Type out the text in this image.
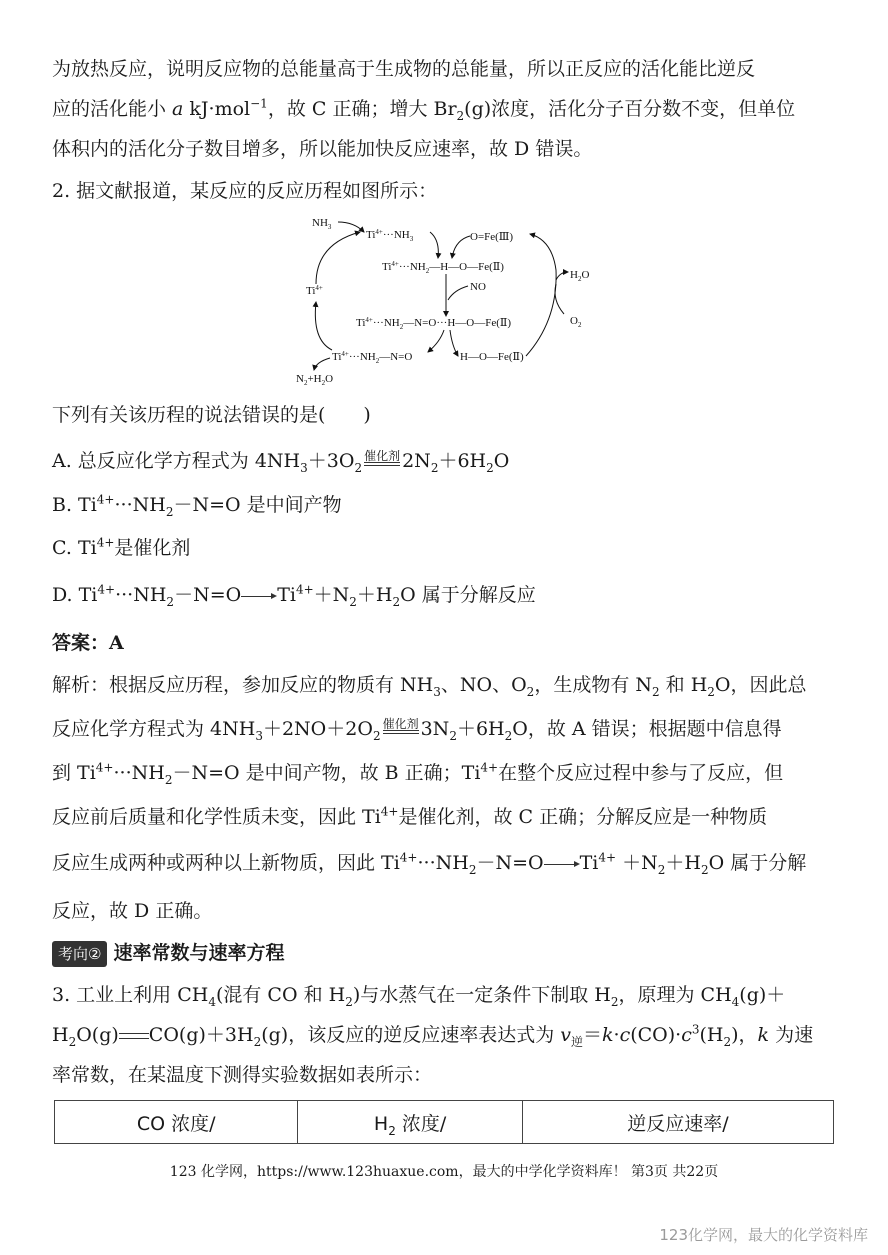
为放热反应，说明反应物的总能量高于生成物的总能量，所以正反应的活化能比逆反
应的活化能小 a kJ·mol$^{-1}$，故 C 正确；增大 $Br_2(g)$浓度，活化分子百分数不变，但单位
体积内的活化分子数目增多，所以能加快反应速率，故 D 错误。
2. 据文献报道，某反应的反应历程如图所示：
$NH_3$
$Ti^{4+}\cdot\cdot\cdot NH_3$	O=Fe(Ⅲ)
$Ti^{4+}\cdot\cdot\cdot NH_2—H—O—Fe(Ⅱ)$
NO
$H_2O$
$Ti^{4+}$
$O_2$
$Ti^{4+}\cdot\cdot\cdot NH_2—N=O\cdot\cdot\cdot H—O—Fe(Ⅱ)$
$Ti^{4+}\cdot\cdot\cdot NH_2—N=O$	H—O—Fe(Ⅱ)
$N_2+H_2O$
下列有关该历程的说法错误的是(　　)
A. 总反应化学方程式为 $4NH_3+3O_2$
催化剂 $2N_2+6H_2O$
B. $Ti^{4+}\cdot\cdot\cdot NH_2-N=O$ 是中间产物
C. $Ti^{4+}$是催化剂
D. $Ti^{4+}\cdot\cdot\cdot NH_2-N=O$ $Ti^{4+}+N_2+H_2O$ 属于分解反应
答案：A
解析：根据反应历程，参加反应的物质有 $NH_3$、NO、$O_2$，生成物有 $N_2$ 和 $H_2O$，因此总
反应化学方程式为 $4NH_3+2NO+2O_2$
催化剂 $3N_2+6H_2O$，故 A 错误；根据题中信息得
到 $Ti^{4+}\cdot\cdot\cdot NH_2-N=O$ 是中间产物，故 B 正确；$Ti^{4+}$在整个反应过程中参与了反应，但
反应前后质量和化学性质未变，因此 $Ti^{4+}$是催化剂，故 C 正确；分解反应是一种物质
反应生成两种或两种以上新物质，因此 $Ti^{4+}\cdot\cdot\cdot NH_2-N=O$ $Ti^{4+} +N_2+H_2O$ 属于分解
反应，故 D 正确。
考向② 速率常数与速率方程
3. 工业上利用 $CH_4$(混有 CO 和 $H_2$)与水蒸气在一定条件下制取 $H_2$，原理为 $CH_4(g)+$
$H_2O(g)$ $CO(g)+3H_2(g)$，该反应的逆反应速率表达式为 $v_逆=k\cdot c(CO)\cdot c^3(H_2)$，k 为速
率常数，在某温度下测得实验数据如表所示：
CO 浓度/	$H_2$ 浓度/	逆反应速率/
123 化学网，https://www.123huaxue.com，最大的中学化学资料库！ 第3页 共22页
123化学网，最大的化学资料库
